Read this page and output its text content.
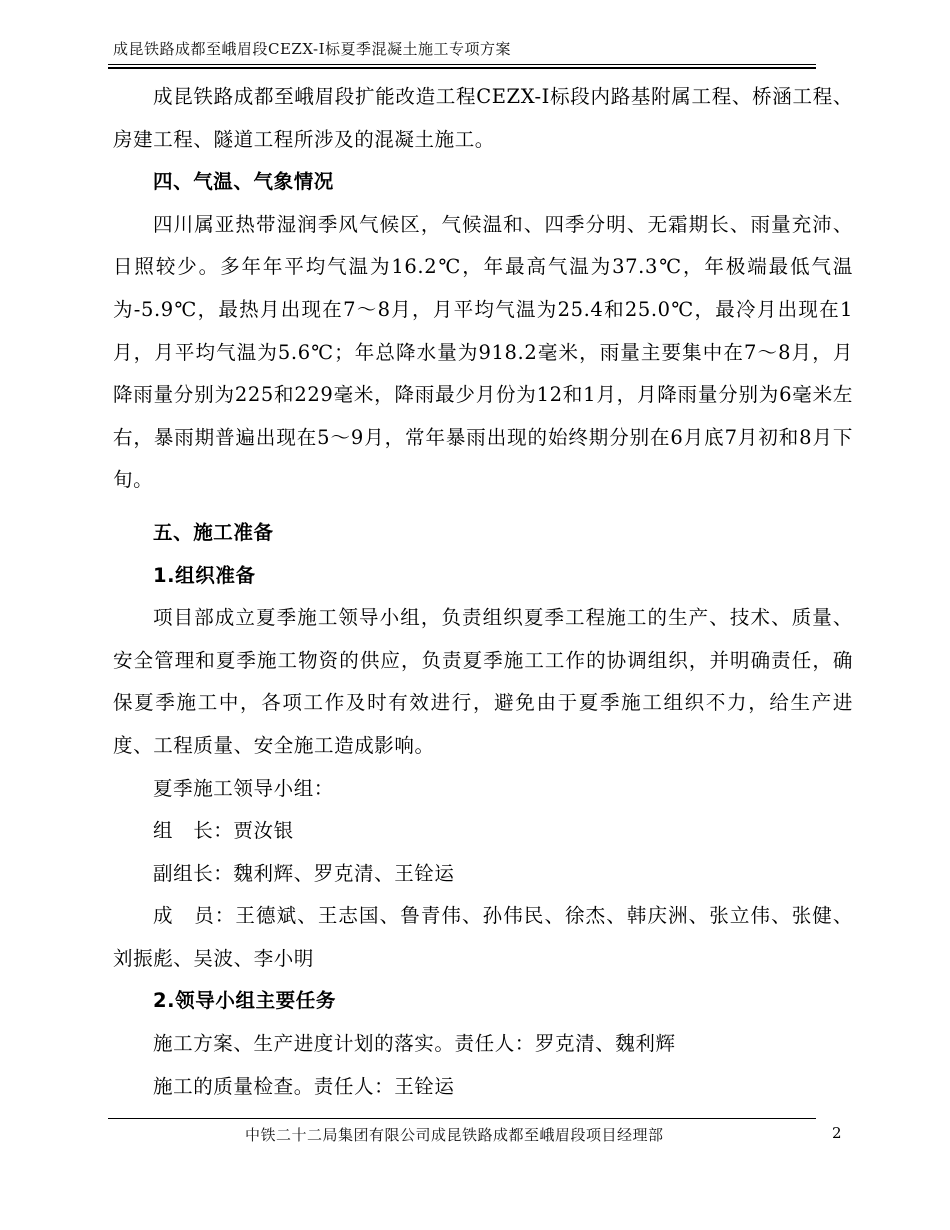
成昆铁路成都至峨眉段CEZX-I标夏季混凝土施工专项方案

成昆铁路成都至峨眉段扩能改造工程CEZX-I标段内路基附属工程、桥涵工程、房建工程、隧道工程所涉及的混凝土施工。

四、气温、气象情况

四川属亚热带湿润季风气候区，气候温和、四季分明、无霜期长、雨量充沛、日照较少。多年年平均气温为16.2℃，年最高气温为37.3℃，年极端最低气温为-5.9℃，最热月出现在7～8月，月平均气温为25.4和25.0℃，最冷月出现在1月，月平均气温为5.6℃；年总降水量为918.2毫米，雨量主要集中在7～8月，月降雨量分别为225和229毫米，降雨最少月份为12和1月，月降雨量分别为6毫米左右，暴雨期普遍出现在5～9月，常年暴雨出现的始终期分别在6月底7月初和8月下旬。

五、施工准备

1.组织准备

项目部成立夏季施工领导小组，负责组织夏季工程施工的生产、技术、质量、安全管理和夏季施工物资的供应，负责夏季施工工作的协调组织，并明确责任，确保夏季施工中，各项工作及时有效进行，避免由于夏季施工组织不力，给生产进度、工程质量、安全施工造成影响。

夏季施工领导小组：

组　长：贾汝银

副组长：魏利辉、罗克清、王铨运

成　员：王德斌、王志国、鲁青伟、孙伟民、徐杰、韩庆洲、张立伟、张健、刘振彪、吴波、李小明

2.领导小组主要任务

施工方案、生产进度计划的落实。责任人：罗克清、魏利辉

施工的质量检查。责任人：王铨运

中铁二十二局集团有限公司成昆铁路成都至峨眉段项目经理部	2
